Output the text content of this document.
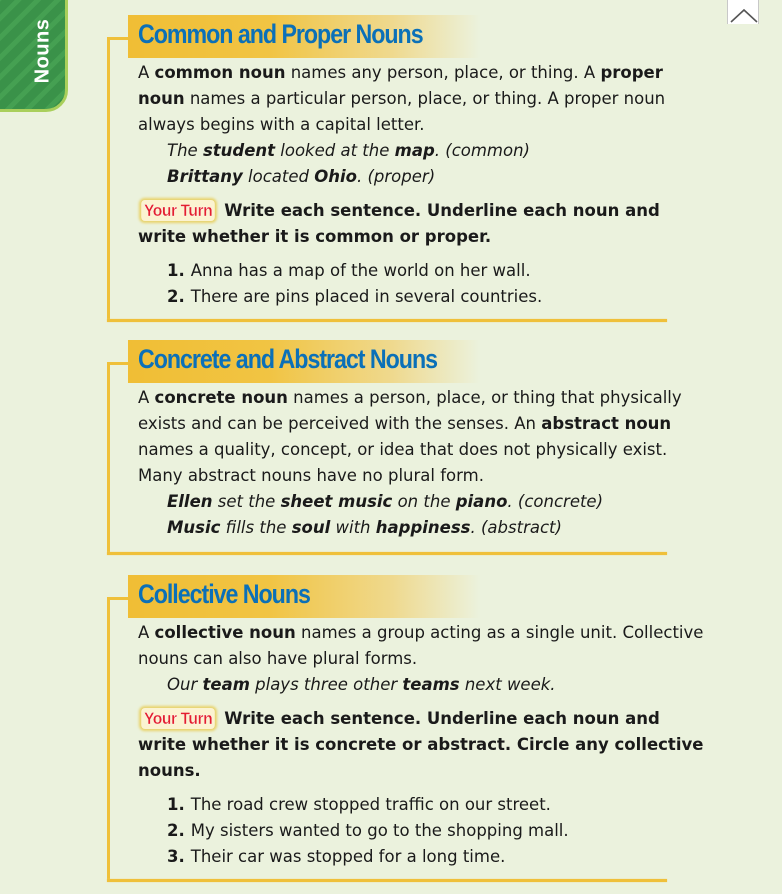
Nouns	Common and Proper Nouns

A common noun names any person, place, or thing. A proper noun names a particular person, place, or thing. A proper noun always begins with a capital letter.

The student looked at the map. (common)

Brittany located Ohio. (proper)

Your Turn Write each sentence. Underline each noun and write whether it is common or proper.

1. Anna has a map of the world on her wall.

2. There are pins placed in several countries.

Concrete and Abstract Nouns

A concrete noun names a person, place, or thing that physically exists and can be perceived with the senses. An abstract noun names a quality, concept, or idea that does not physically exist. Many abstract nouns have no plural form.

Ellen set the sheet music on the piano. (concrete)

Music fills the soul with happiness. (abstract)

Collective Nouns

A collective noun names a group acting as a single unit. Collective nouns can also have plural forms.

Our team plays three other teams next week.

Your Turn Write each sentence. Underline each noun and write whether it is concrete or abstract. Circle any collective nouns.

1. The road crew stopped traffic on our street.

2. My sisters wanted to go to the shopping mall.

3. Their car was stopped for a long time.
